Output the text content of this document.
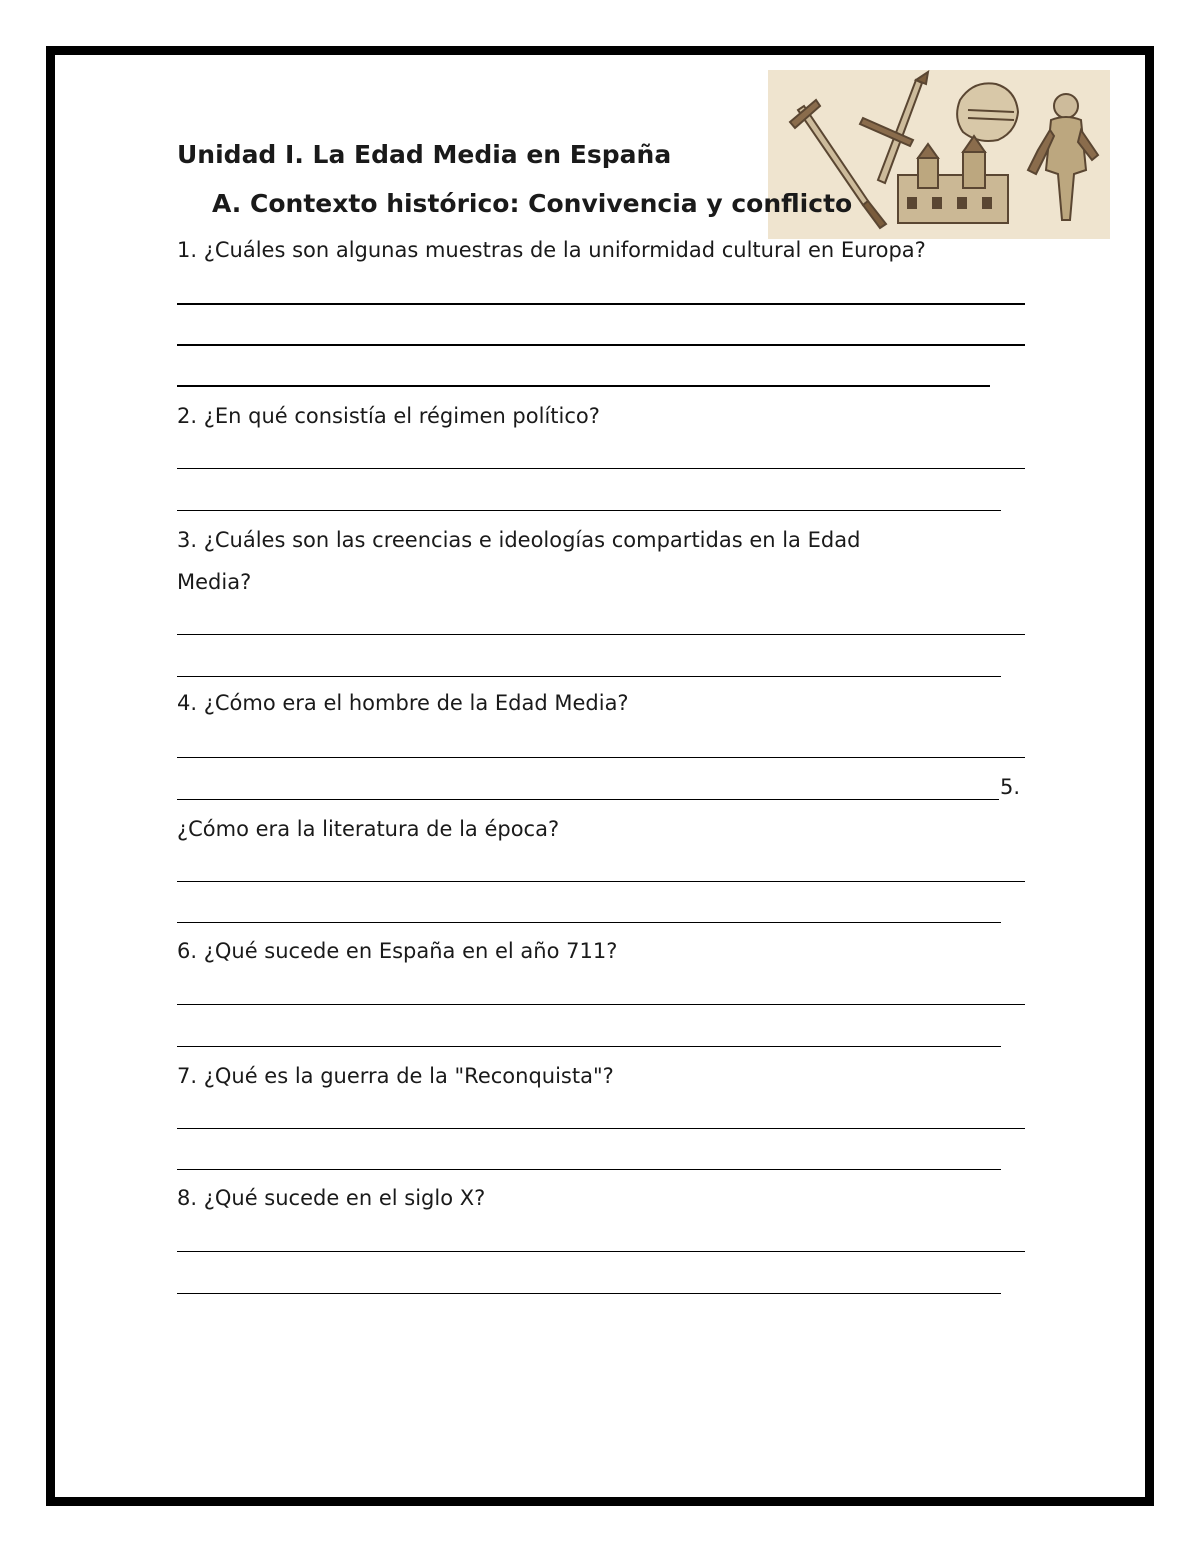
Unidad I. La Edad Media en España
A. Contexto histórico: Convivencia y conflicto
1. ¿Cuáles son algunas muestras de la uniformidad cultural en Europa?
2. ¿En qué consistía el régimen político?
3. ¿Cuáles son las creencias e ideologías compartidas en la Edad
Media?
4. ¿Cómo era el hombre de la Edad Media?
5.
¿Cómo era la literatura de la época?
6. ¿Qué sucede en España en el año 711?
7. ¿Qué es la guerra de la "Reconquista"?
8. ¿Qué sucede en el siglo X?
